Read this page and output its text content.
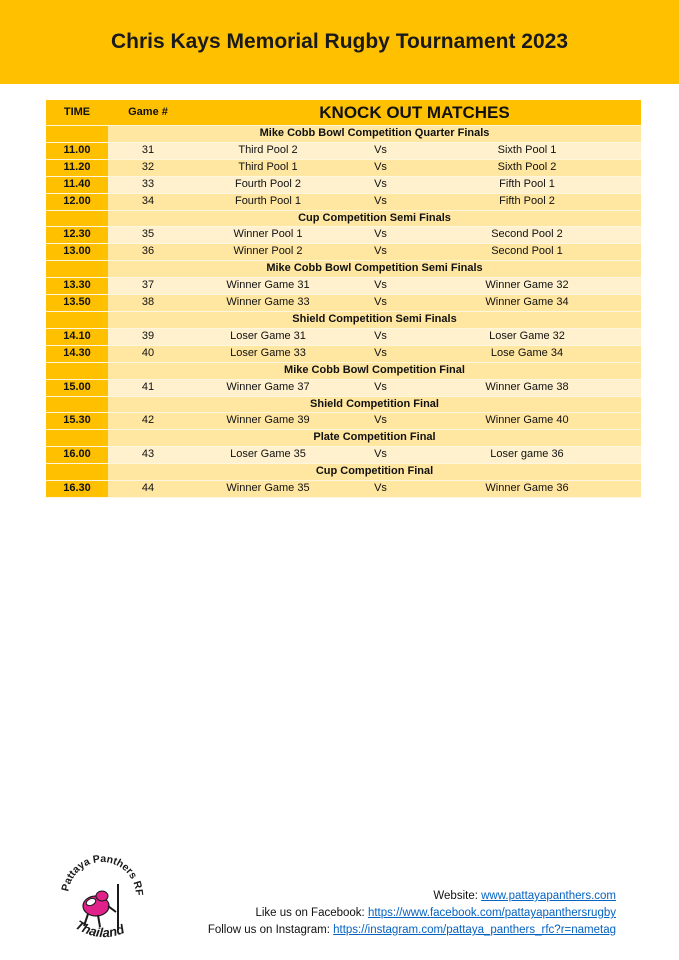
Chris Kays Memorial Rugby Tournament 2023
TIME	Game #	KNOCK OUT MATCHES		
	Mike Cobb Bowl Competition Quarter Finals			
11.00	31	Third Pool 2	Vs	Sixth Pool 1
11.20	32	Third Pool 1	Vs	Sixth Pool 2
11.40	33	Fourth Pool 2	Vs	Fifth Pool 1
12.00	34	Fourth Pool 1	Vs	Fifth Pool 2
	Cup Competition Semi Finals			
12.30	35	Winner Pool 1	Vs	Second Pool 2
13.00	36	Winner Pool 2	Vs	Second Pool 1
	Mike Cobb Bowl Competition Semi Finals			
13.30	37	Winner Game 31	Vs	Winner Game 32
13.50	38	Winner Game 33	Vs	Winner Game 34
	Shield Competition Semi Finals			
14.10	39	Loser Game 31	Vs	Loser Game 32
14.30	40	Loser Game 33	Vs	Lose Game 34
	Mike Cobb Bowl Competition Final			
15.00	41	Winner Game 37	Vs	Winner Game 38
	Shield Competition Final			
15.30	42	Winner Game 39	Vs	Winner Game 40
	Plate Competition Final			
16.00	43	Loser Game 35	Vs	Loser game 36
	Cup Competition Final			
16.30	44	Winner Game 35	Vs	Winner Game 36
Pattaya Panthers RF
Thailand
Website: www.pattayapanthers.com
Like us on Facebook: https://www.facebook.com/pattayapanthersrugby
Follow us on Instagram: https://instagram.com/pattaya_panthers_rfc?r=nametag
